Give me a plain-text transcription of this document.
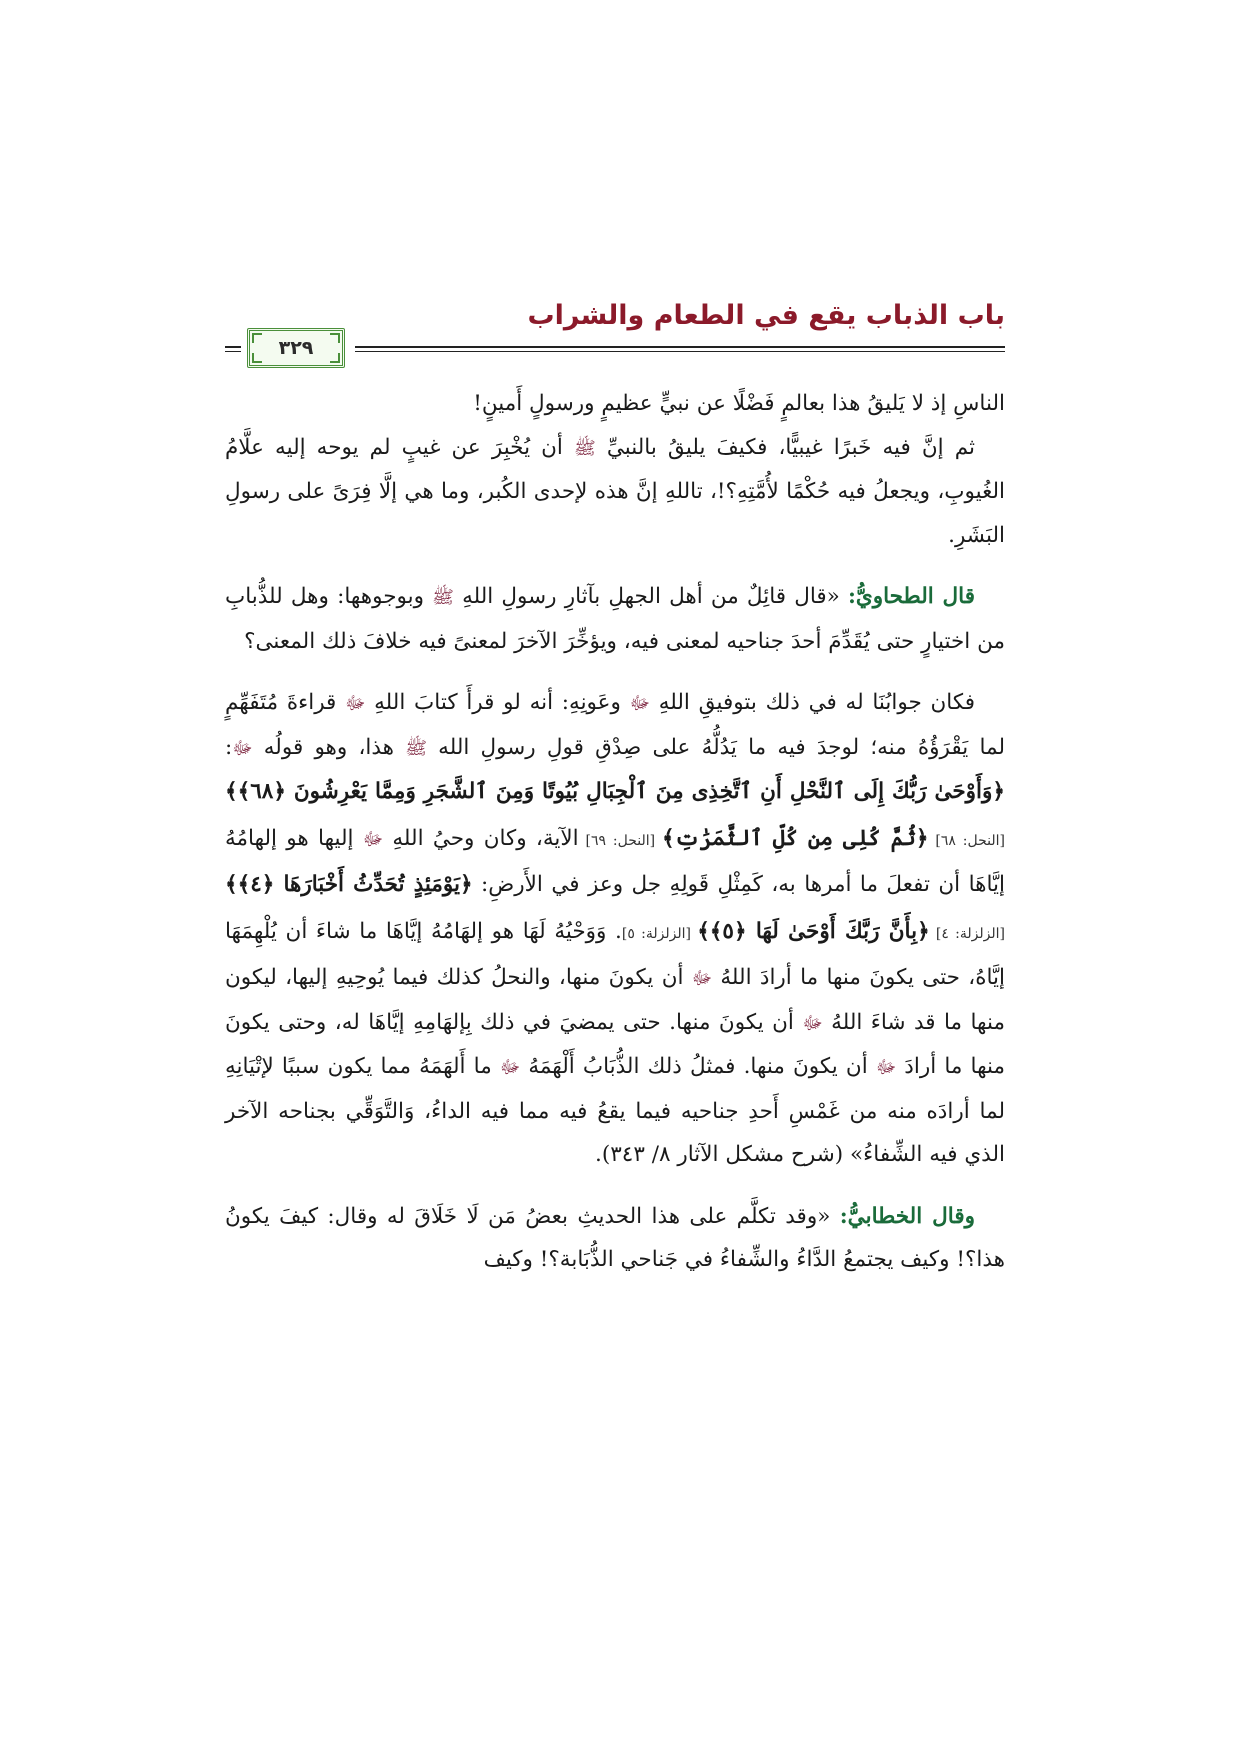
باب الذباب يقع في الطعام والشراب
٣٢٩

الناسِ إذ لا يَليقُ هذا بعالمٍ فَضْلًا عن نبيٍّ عظيمٍ ورسولٍ أَمينٍ!

ثم إنَّ فيه خَبرًا غيبيًّا، فكيفَ يليقُ بالنبيِّ ﷺ أن يُخْبِرَ عن غيبٍ لم يوحه إليه علَّامُ الغُيوبِ، ويجعلُ فيه حُكْمًا لأُمَّتِهِ؟!، تاللهِ إنَّ هذه لإحدى الكُبر، وما هي إلَّا فِرَىً على رسولِ البَشَرِ.

قال الطحاويُّ: «قال قائِلٌ من أهل الجهلِ بآثارِ رسولِ اللهِ ﷺ وبوجوهها: وهل للذُّبابِ من اختيارٍ حتى يُقَدِّمَ أحدَ جناحيه لمعنى فيه، ويؤخِّرَ الآخرَ لمعنىً فيه خلافَ ذلك المعنى؟

فكان جوابُنَا له في ذلك بتوفيقِ اللهِ ﷻ وعَونِهِ: أنه لو قرأَ كتابَ اللهِ ﷻ قراءةَ مُتَفَهِّمٍ لما يَقْرَؤُهُ منه؛ لوجدَ فيه ما يَدُلُّهُ على صِدْقِ قولِ رسولِ الله ﷺ هذا، وهو قولُه ﷻ: ﴿وَأَوْحَىٰ رَبُّكَ إِلَى ٱلنَّحْلِ أَنِ ٱتَّخِذِى مِنَ ٱلْجِبَالِ بُيُوتًا وَمِنَ ٱلشَّجَرِ وَمِمَّا يَعْرِشُونَ ﴿٦٨﴾﴾ [النحل: ٦٨] ﴿ثُمَّ كُلِى مِن كُلِّ ٱلثَّمَرَٰتِ﴾ [النحل: ٦٩] الآية، وكان وحيُ اللهِ ﷻ إليها هو إلهامُهُ إيَّاهَا أن تفعلَ ما أمرها به، كَمِثْلِ قَولِهِ جل وعز في الأَرضِ: ﴿يَوْمَئِذٍ تُحَدِّثُ أَخْبَارَهَا ﴿٤﴾﴾ [الزلزلة: ٤] ﴿بِأَنَّ رَبَّكَ أَوْحَىٰ لَهَا ﴿٥﴾﴾ [الزلزلة: ٥]. وَوَحْيُهُ لَهَا هو إلهَامُهُ إيَّاهَا ما شاءَ أن يُلْهِمَهَا إيَّاهُ، حتى يكونَ منها ما أرادَ اللهُ ﷻ أن يكونَ منها، والنحلُ كذلك فيما يُوحِيهِ إليها، ليكون منها ما قد شاءَ اللهُ ﷻ أن يكونَ منها. حتى يمضيَ في ذلك بِإلهَامِهِ إيَّاهَا له، وحتى يكونَ منها ما أرادَ ﷻ أن يكونَ منها. فمثلُ ذلك الذُّبَابُ أَلْهَمَهُ ﷻ ما أَلهَمَهُ مما يكون سببًا لإتْيَانِهِ لما أرادَه منه من غَمْسِ أَحدِ جناحيه فيما يقعُ فيه مما فيه الداءُ، وَالتَّوَقِّي بجناحه الآخر الذي فيه الشِّفاءُ» (شرح مشكل الآثار ٨/ ٣٤٣).

وقال الخطابيُّ: «وقد تكلَّم على هذا الحديثِ بعضُ مَن لَا خَلَاقَ له وقال: كيفَ يكونُ هذا؟! وكيف يجتمعُ الدَّاءُ والشِّفاءُ في جَناحي الذُّبَابة؟! وكيف
